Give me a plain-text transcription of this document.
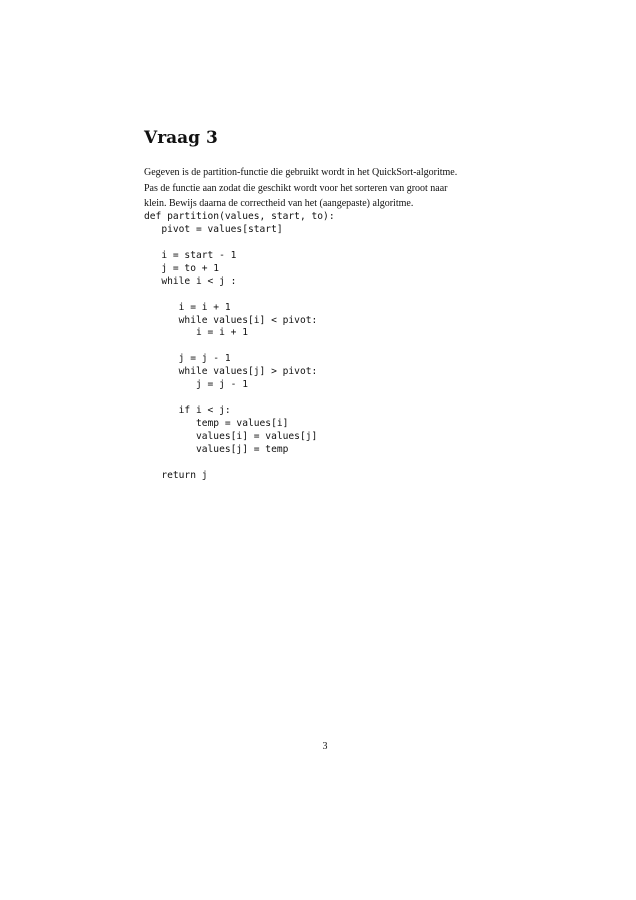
Vraag 3
Gegeven is de partition-functie die gebruikt wordt in het QuickSort-algoritme.
Pas de functie aan zodat die geschikt wordt voor het sorteren van groot naar
klein. Bewijs daarna de correctheid van het (aangepaste) algoritme.
def partition(values, start, to):
pivot = values[start]
i = start - 1
j = to + 1
while i < j :
i = i + 1
while values[i] < pivot:
i = i + 1
j = j - 1
while values[j] > pivot:
j = j - 1
if i < j:
temp = values[i]
values[i] = values[j]
values[j] = temp
return j
3
